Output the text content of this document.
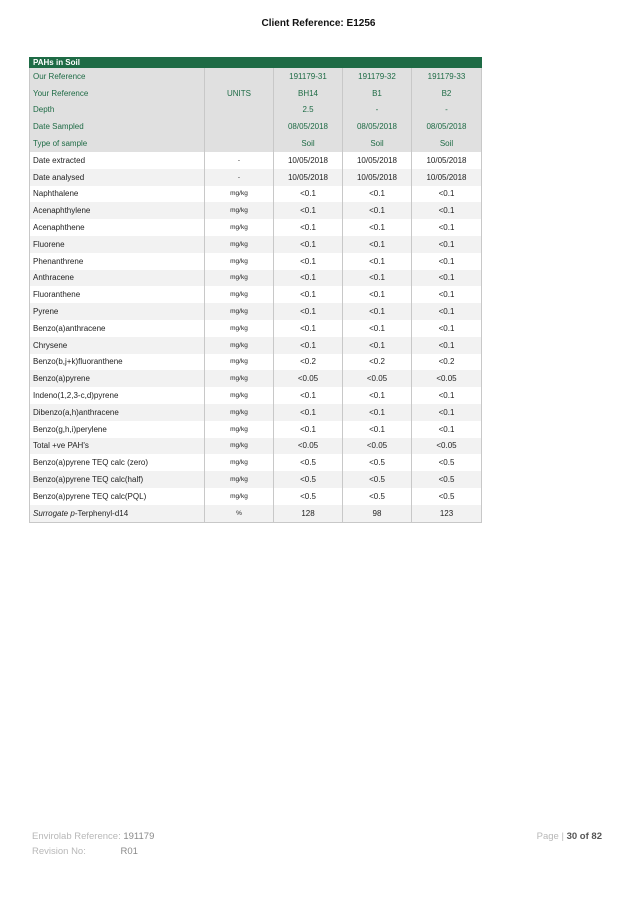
Client Reference: E1256
PAHs in Soil				
Our Reference		191179-31	191179-32	191179-33
Your Reference	UNITS	BH14	B1	B2
Depth		2.5	-	-
Date Sampled		08/05/2018	08/05/2018	08/05/2018
Type of sample		Soil	Soil	Soil
Date extracted	-	10/05/2018	10/05/2018	10/05/2018
Date analysed	-	10/05/2018	10/05/2018	10/05/2018
Naphthalene	mg/kg	<0.1	<0.1	<0.1
Acenaphthylene	mg/kg	<0.1	<0.1	<0.1
Acenaphthene	mg/kg	<0.1	<0.1	<0.1
Fluorene	mg/kg	<0.1	<0.1	<0.1
Phenanthrene	mg/kg	<0.1	<0.1	<0.1
Anthracene	mg/kg	<0.1	<0.1	<0.1
Fluoranthene	mg/kg	<0.1	<0.1	<0.1
Pyrene	mg/kg	<0.1	<0.1	<0.1
Benzo(a)anthracene	mg/kg	<0.1	<0.1	<0.1
Chrysene	mg/kg	<0.1	<0.1	<0.1
Benzo(b,j+k)fluoranthene	mg/kg	<0.2	<0.2	<0.2
Benzo(a)pyrene	mg/kg	<0.05	<0.05	<0.05
Indeno(1,2,3-c,d)pyrene	mg/kg	<0.1	<0.1	<0.1
Dibenzo(a,h)anthracene	mg/kg	<0.1	<0.1	<0.1
Benzo(g,h,i)perylene	mg/kg	<0.1	<0.1	<0.1
Total +ve PAH's	mg/kg	<0.05	<0.05	<0.05
Benzo(a)pyrene TEQ calc (zero)	mg/kg	<0.5	<0.5	<0.5
Benzo(a)pyrene TEQ calc(half)	mg/kg	<0.5	<0.5	<0.5
Benzo(a)pyrene TEQ calc(PQL)	mg/kg	<0.5	<0.5	<0.5
Surrogate p-Terphenyl-d14	%	128	98	123
Envirolab Reference: 191179
Revision No:	R01
Page | 30 of 82
